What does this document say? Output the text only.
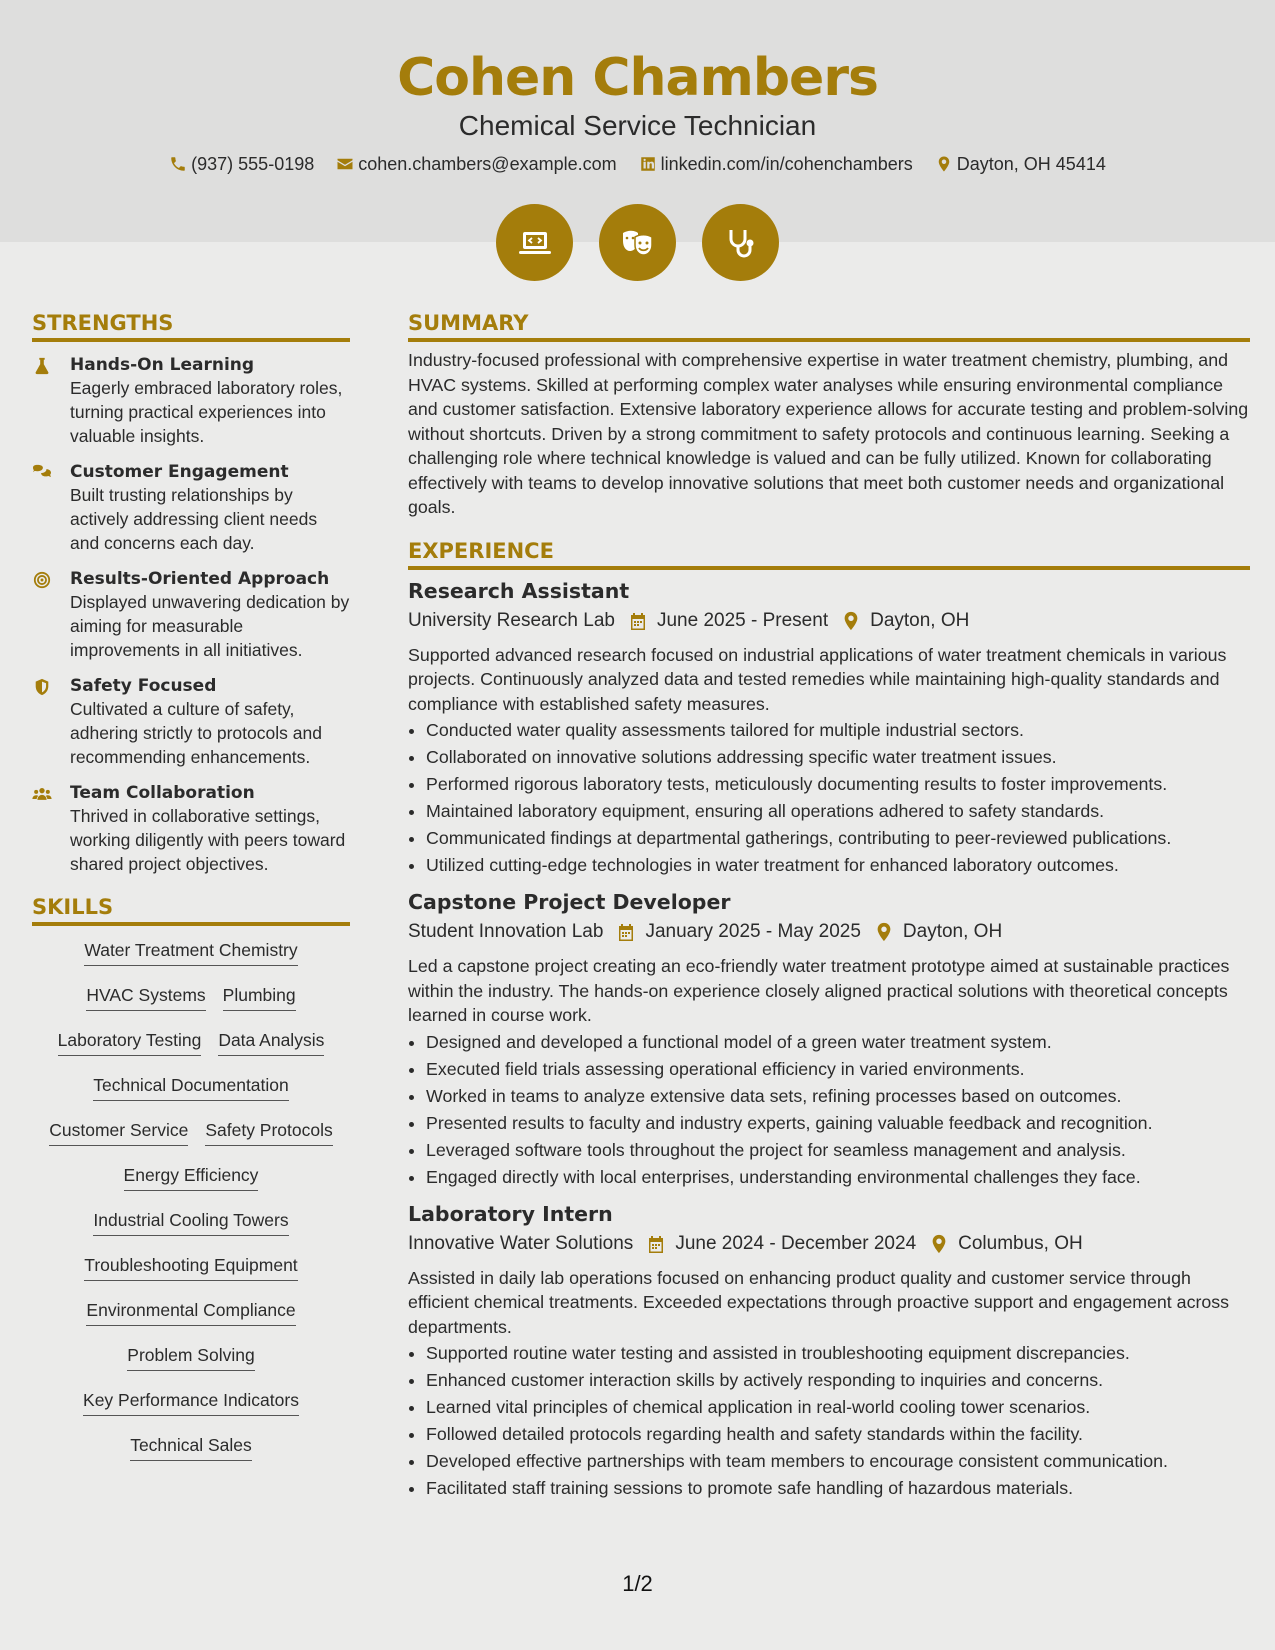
Cohen Chambers
Chemical Service Technician
(937) 555-0198 cohen.chambers@example.com linkedin.com/in/cohenchambers Dayton, OH 45414
STRENGTHS
Hands-On Learning
Eagerly embraced laboratory roles, turning practical experiences into valuable insights.
Customer Engagement
Built trusting relationships by actively addressing client needs and concerns each day.
Results-Oriented Approach
Displayed unwavering dedication by aiming for measurable improvements in all initiatives.
Safety Focused
Cultivated a culture of safety, adhering strictly to protocols and recommending enhancements.
Team Collaboration
Thrived in collaborative settings, working diligently with peers toward shared project objectives.
SKILLS
Water Treatment Chemistry
HVAC Systems Plumbing
Laboratory Testing Data Analysis
Technical Documentation
Customer Service Safety Protocols
Energy Efficiency
Industrial Cooling Towers
Troubleshooting Equipment
Environmental Compliance
Problem Solving
Key Performance Indicators
Technical Sales
SUMMARY

Industry-focused professional with comprehensive expertise in water treatment chemistry, plumbing, and HVAC systems. Skilled at performing complex water analyses while ensuring environmental compliance and customer satisfaction. Extensive laboratory experience allows for accurate testing and problem-solving without shortcuts. Driven by a strong commitment to safety protocols and continuous learning. Seeking a challenging role where technical knowledge is valued and can be fully utilized. Known for collaborating effectively with teams to develop innovative solutions that meet both customer needs and organizational goals.

EXPERIENCE
Research Assistant
University Research Lab June 2025 - Present Dayton, OH
Supported advanced research focused on industrial applications of water treatment chemicals in various projects. Continuously analyzed data and tested remedies while maintaining high-quality standards and compliance with established safety measures.
• Conducted water quality assessments tailored for multiple industrial sectors.
• Collaborated on innovative solutions addressing specific water treatment issues.
• Performed rigorous laboratory tests, meticulously documenting results to foster improvements.
• Maintained laboratory equipment, ensuring all operations adhered to safety standards.
• Communicated findings at departmental gatherings, contributing to peer-reviewed publications.
• Utilized cutting-edge technologies in water treatment for enhanced laboratory outcomes.
Capstone Project Developer
Student Innovation Lab January 2025 - May 2025 Dayton, OH
Led a capstone project creating an eco-friendly water treatment prototype aimed at sustainable practices within the industry. The hands-on experience closely aligned practical solutions with theoretical concepts learned in course work.
• Designed and developed a functional model of a green water treatment system.
• Executed field trials assessing operational efficiency in varied environments.
• Worked in teams to analyze extensive data sets, refining processes based on outcomes.
• Presented results to faculty and industry experts, gaining valuable feedback and recognition.
• Leveraged software tools throughout the project for seamless management and analysis.
• Engaged directly with local enterprises, understanding environmental challenges they face.
Laboratory Intern
Innovative Water Solutions June 2024 - December 2024 Columbus, OH
Assisted in daily lab operations focused on enhancing product quality and customer service through efficient chemical treatments. Exceeded expectations through proactive support and engagement across departments.
• Supported routine water testing and assisted in troubleshooting equipment discrepancies.
• Enhanced customer interaction skills by actively responding to inquiries and concerns.
• Learned vital principles of chemical application in real-world cooling tower scenarios.
• Followed detailed protocols regarding health and safety standards within the facility.
• Developed effective partnerships with team members to encourage consistent communication.
• Facilitated staff training sessions to promote safe handling of hazardous materials.
1/2
